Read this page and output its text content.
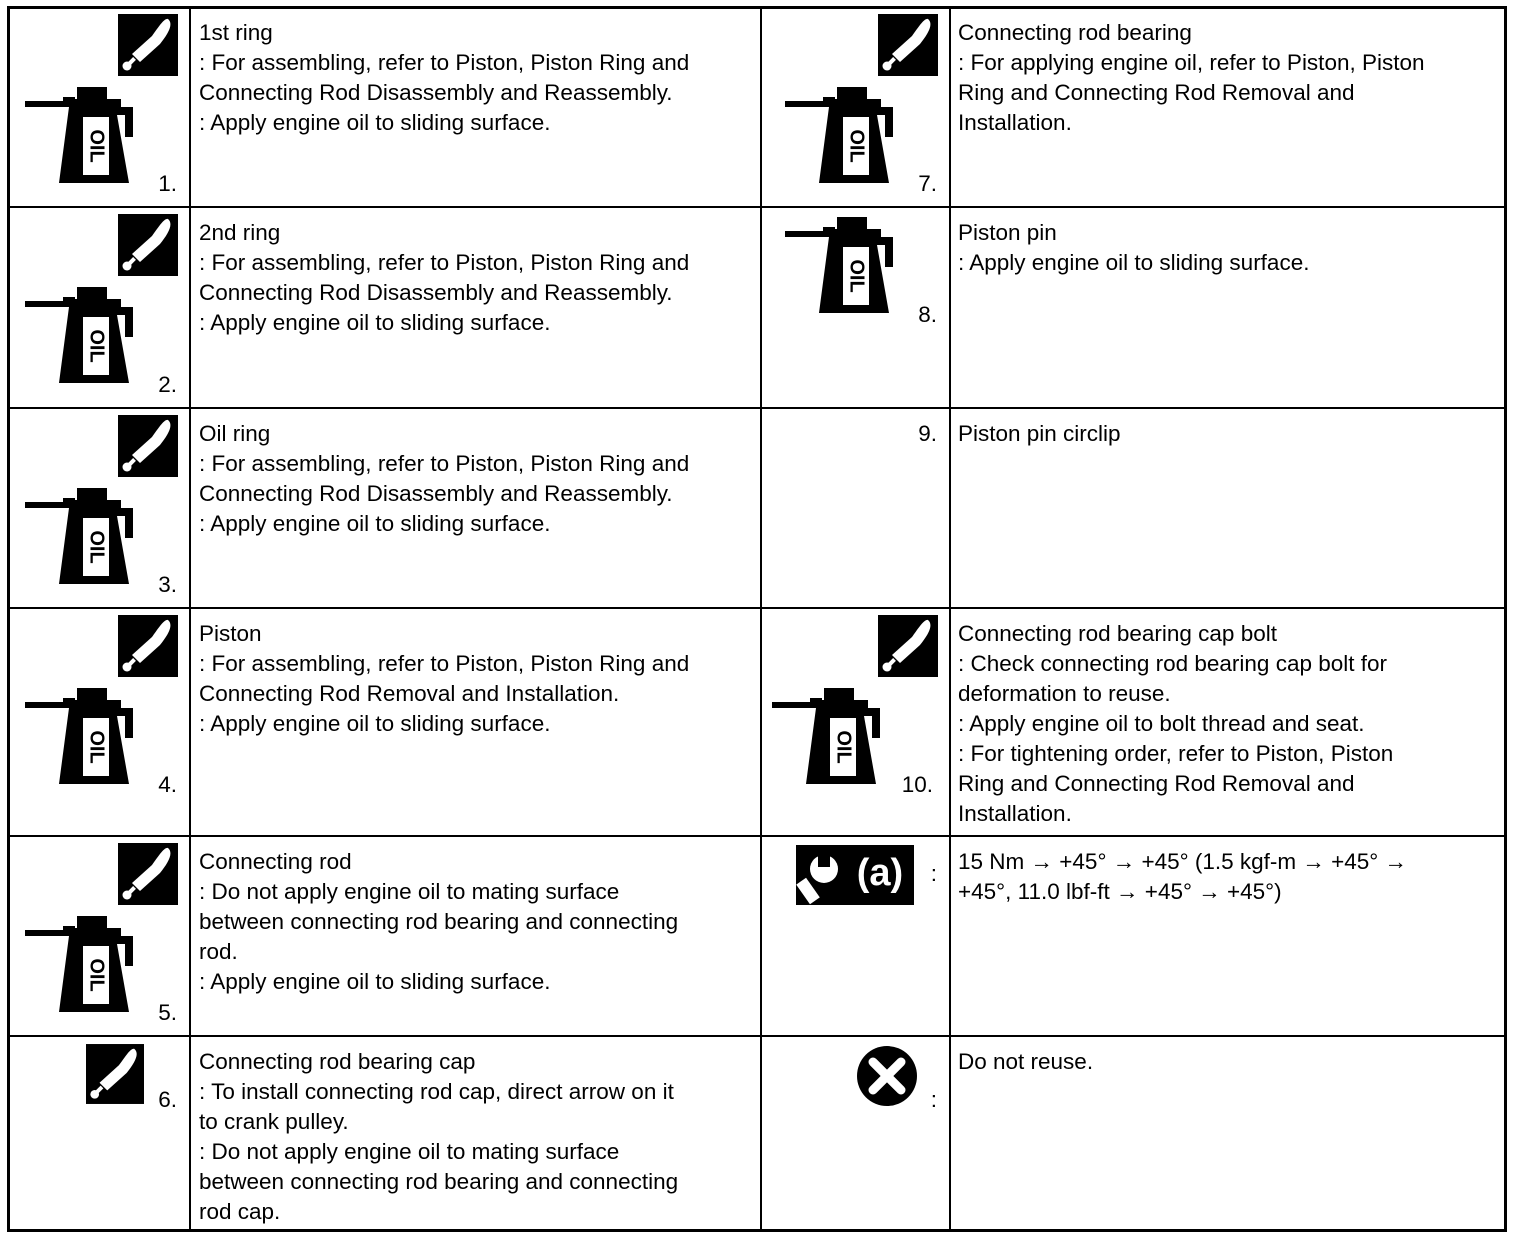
OIL
1.
1st ring
: For assembling, refer to Piston, Piston Ring and
Connecting Rod Disassembly and Reassembly.
: Apply engine oil to sliding surface.
OIL
7.
Connecting rod bearing
: For applying engine oil, refer to Piston, Piston
Ring and Connecting Rod Removal and
Installation.
OIL
2.
2nd ring
: For assembling, refer to Piston, Piston Ring and
Connecting Rod Disassembly and Reassembly.
: Apply engine oil to sliding surface.
OIL
8.
Piston pin
: Apply engine oil to sliding surface.
OIL
3.
Oil ring
: For assembling, refer to Piston, Piston Ring and
Connecting Rod Disassembly and Reassembly.
: Apply engine oil to sliding surface.
9. Piston pin circlip
OIL
4.
Piston
: For assembling, refer to Piston, Piston Ring and
Connecting Rod Removal and Installation.
: Apply engine oil to sliding surface.
OIL
10.
Connecting rod bearing cap bolt
: Check connecting rod bearing cap bolt for
deformation to reuse.
: Apply engine oil to bolt thread and seat.
: For tightening order, refer to Piston, Piston
Ring and Connecting Rod Removal and
Installation.
OIL
5.
Connecting rod
: Do not apply engine oil to mating surface
between connecting rod bearing and connecting
rod.
: Apply engine oil to sliding surface.
(a)	: 15 Nm → +45° → +45° (1.5 kgf-m → +45° →
+45°, 11.0 lbf-ft → +45° → +45°)
6.
Connecting rod bearing cap
: To install connecting rod cap, direct arrow on it
to crank pulley.
: Do not apply engine oil to mating surface
between connecting rod bearing and connecting
rod cap.
:
Do not reuse.
